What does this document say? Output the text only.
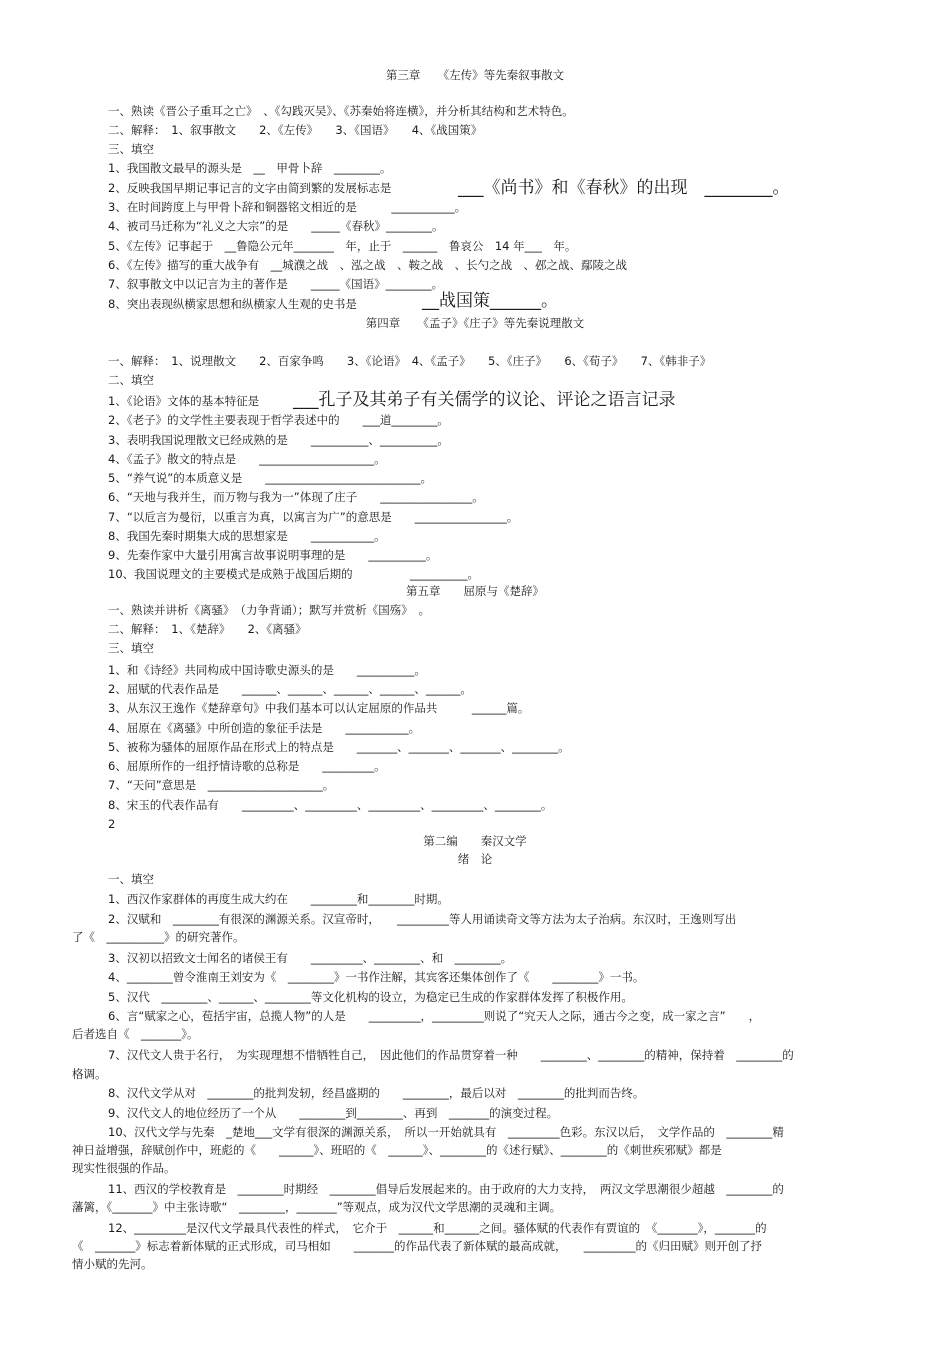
第三章　　《左传》等先秦叙事散文
一、熟读《晋公子重耳之亡》　、《勾践灭吴》、《苏秦始将连横》，并分析其结构和艺术特色。
二、解释：　1、叙事散文　　2、《左传》　　3、《国语》　　4、《战国策》
三、填空
1、我国散文最早的源头是　__　甲骨卜辞　________。
2、反映我国早期记事记言的文字由简到繁的发展标志是	___《尚书》和《春秋》的出现　________。
3、在时间跨度上与甲骨卜辞和铜器铭文相近的是　　　___________。
4、被司马迁称为“礼义之大宗”的是　　_____《春秋》________。
5、《左传》记事起于　__鲁隐公元年_______　年，止于　______　鲁哀公　14 年___　年。
6、《左传》描写的重大战争有　__城濮之战　、泓之战　、鞍之战　、长勺之战　、邲之战、鄢陵之战
7、叙事散文中以记言为主的著作是　　_____《国语》________。
8、突出表现纵横家思想和纵横家人生观的史书是	__战国策______。
第四章　　《孟子》《庄子》等先秦说理散文
一、解释：　1、说理散文　　2、百家争鸣　　3、《论语》　4、《孟子》　　5、《庄子》　　6、《荀子》　　7、《韩非子》
二、填空
1、《论语》文体的基本特征是 ___孔子及其弟子有关儒学的议论、评论之语言记录
2、《老子》的文学性主要表现于哲学表述中的　　___道________。
3、表明我国说理散文已经成熟的是　　__________、__________。
4、《孟子》散文的特点是　　____________________。
5、“养气说”的本质意义是　　___________________________。
6、“天地与我并生，而万物与我为一”体现了庄子　　________________。
7、“以卮言为曼衍，以重言为真，以寓言为广”的意思是　　________________。
8、我国先秦时期集大成的思想家是　　___________。
9、先秦作家中大量引用寓言故事说明事理的是　　__________。
10、我国说理文的主要模式是成熟于战国后期的	__________。
第五章　　屈原与《楚辞》
一、熟读并讲析《离骚》　（力争背诵）；默写并赏析《国殇》　。
二、解释：　1、《楚辞》　　2、《离骚》
三、填空
1、和《诗经》共同构成中国诗歌史源头的是　　__________。
2、屈赋的代表作品是　　______、______、______、______、______。
3、从东汉王逸作《楚辞章句》中我们基本可以认定屈原的作品共　　　______篇。
4、屈原在《离骚》中所创造的象征手法是　　___________。
5、被称为骚体的屈原作品在形式上的特点是　　_______、_______、_______、________。
6、屈原所作的一组抒情诗歌的总称是　　_________。
7、“天问”意思是　____________________。
8、宋玉的代表作品有　　_________、_________、_________、_________、________。
2
第二编　　秦汉文学
绪　论
一、填空
1、西汉作家群体的再度生成大约在　　________和________时期。
2、汉赋和　________有很深的渊源关系。汉宣帝时，　　_________等人用诵读奇文等方法为太子治病。东汉时，王逸则写出
了《　__________》的研究著作。
3、汉初以招致文士闻名的诸侯王有　　_________、________、和　________。
4、________曾令淮南王刘安为《　________》一书作注解，其宾客还集体创作了《　　________》一书。
5、汉代　________、______、________等文化机构的设立，为稳定已生成的作家群体发挥了积极作用。
6、言“赋家之心，苞括宇宙，总揽人物”的人是　　_________，_________则说了“究天人之际，通古今之变，成一家之言”　　，
后者选自《　_______》。
7、汉代文人贵于名行，　为实现理想不惜牺牲自己，　因此他们的作品贯穿着一种　　________、________的精神，保持着　________的
格调。
8、汉代文学从对　________的批判发轫，经昌盛期的　　________，最后以对　________的批判而告终。
9、汉代文人的地位经历了一个从　　________到________、再到　_______的演变过程。
10、汉代文学与先秦　_楚地___文学有很深的渊源关系，　所以一开始就具有　_________色彩。东汉以后，　文学作品的　________精
神日益增强，辞赋创作中，班彪的《　　______》、班昭的《　______》、________的《述行赋》、________的《刺世疾邪赋》都是
现实性很强的作品。
11、西汉的学校教育是　________时期经　________倡导后发展起来的。由于政府的大力支持，　两汉文学思潮很少超越　________的
藩篱，《_______》中主张诗歌“　________，_______”等观点，成为汉代文学思潮的灵魂和主调。
12、_________是汉代文学最具代表性的样式，　它介于　______和______之间。骚体赋的代表作有贾谊的　《_______》，_______的
《　_______》标志着新体赋的正式形成，司马相如　　_______的作品代表了新体赋的最高成就，　　_________的《归田赋》则开创了抒
情小赋的先河。
